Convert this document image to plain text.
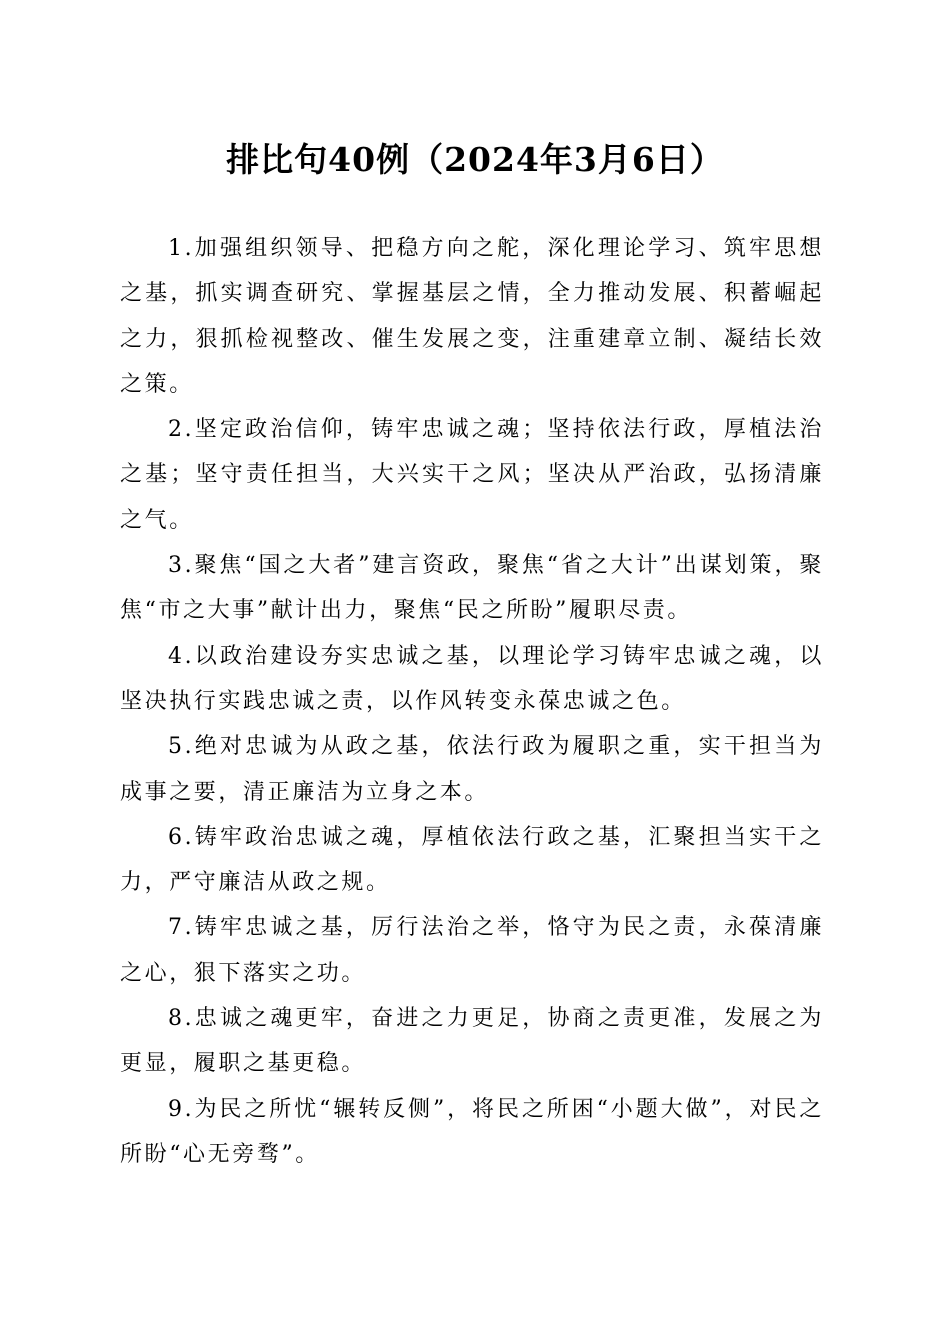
排比句40例（2024年3月6日）

1.加强组织领导、把稳方向之舵，深化理论学习、筑牢思想之基，抓实调查研究、掌握基层之情，全力推动发展、积蓄崛起之力，狠抓检视整改、催生发展之变，注重建章立制、凝结长效之策。

2.坚定政治信仰，铸牢忠诚之魂；坚持依法行政，厚植法治之基；坚守责任担当，大兴实干之风；坚决从严治政，弘扬清廉之气。

3.聚焦“国之大者”建言资政，聚焦“省之大计”出谋划策，聚焦“市之大事”献计出力，聚焦“民之所盼”履职尽责。

4.以政治建设夯实忠诚之基，以理论学习铸牢忠诚之魂，以坚决执行实践忠诚之责，以作风转变永葆忠诚之色。

5.绝对忠诚为从政之基，依法行政为履职之重，实干担当为成事之要，清正廉洁为立身之本。

6.铸牢政治忠诚之魂，厚植依法行政之基，汇聚担当实干之力，严守廉洁从政之规。

7.铸牢忠诚之基，厉行法治之举，恪守为民之责，永葆清廉之心，狠下落实之功。

8.忠诚之魂更牢，奋进之力更足，协商之责更准，发展之为更显，履职之基更稳。

9.为民之所忧“辗转反侧”，将民之所困“小题大做”，对民之所盼“心无旁骛”。
